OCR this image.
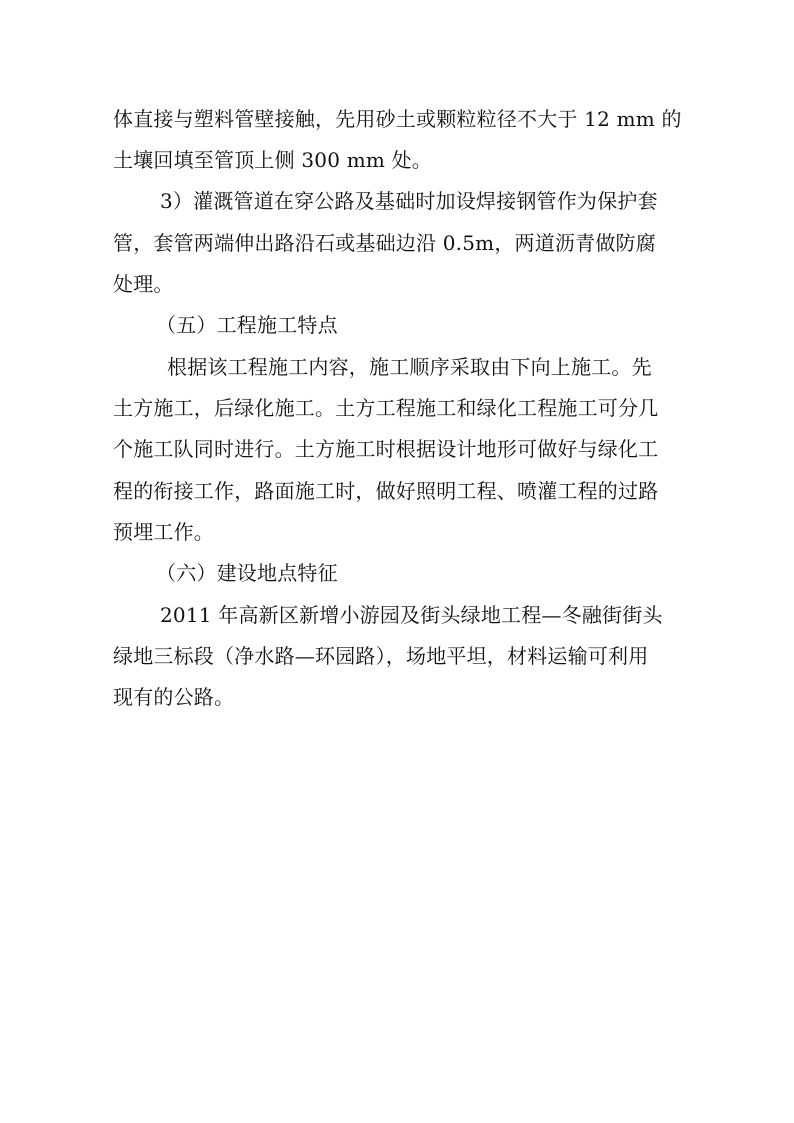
体直接与塑料管壁接触，先用砂土或颗粒粒径不大于 12 mm 的
土壤回填至管顶上侧 300 mm 处。
3）灌溉管道在穿公路及基础时加设焊接钢管作为保护套
管，套管两端伸出路沿石或基础边沿 0.5m，两道沥青做防腐
处理。
（五）工程施工特点
根据该工程施工内容，施工顺序采取由下向上施工。先
土方施工，后绿化施工。土方工程施工和绿化工程施工可分几
个施工队同时进行。土方施工时根据设计地形可做好与绿化工
程的衔接工作，路面施工时，做好照明工程、喷灌工程的过路
预埋工作。
（六）建设地点特征
2011 年高新区新增小游园及街头绿地工程—冬融街街头
绿地三标段（净水路—环园路），场地平坦，材料运输可利用
现有的公路。
